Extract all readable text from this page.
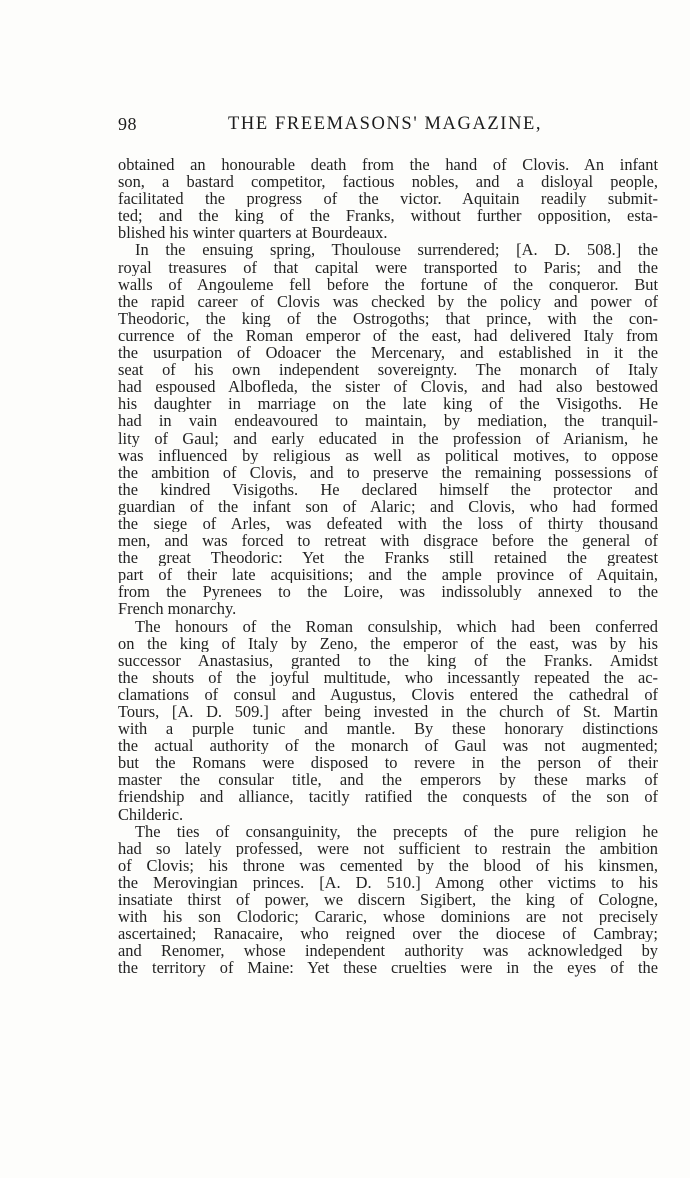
98	THE FREEMASONS' MAGAZINE,
obtained an honourable death from the hand of Clovis. An infant
son, a bastard competitor, factious nobles, and a disloyal people,
facilitated the progress of the victor. Aquitain readily submit-
ted; and the king of the Franks, without further opposition, esta-
blished his winter quarters at Bourdeaux.
In the ensuing spring, Thoulouse surrendered; [A. D. 508.] the
royal treasures of that capital were transported to Paris; and the
walls of Angouleme fell before the fortune of the conqueror. But
the rapid career of Clovis was checked by the policy and power of
Theodoric, the king of the Ostrogoths; that prince, with the con-
currence of the Roman emperor of the east, had delivered Italy from
the usurpation of Odoacer the Mercenary, and established in it the
seat of his own independent sovereignty. The monarch of Italy
had espoused Albofleda, the sister of Clovis, and had also bestowed
his daughter in marriage on the late king of the Visigoths. He
had in vain endeavoured to maintain, by mediation, the tranquil-
lity of Gaul; and early educated in the profession of Arianism, he
was influenced by religious as well as political motives, to oppose
the ambition of Clovis, and to preserve the remaining possessions of
the kindred Visigoths. He declared himself the protector and
guardian of the infant son of Alaric; and Clovis, who had formed
the siege of Arles, was defeated with the loss of thirty thousand
men, and was forced to retreat with disgrace before the general of
the great Theodoric: Yet the Franks still retained the greatest
part of their late acquisitions; and the ample province of Aquitain,
from the Pyrenees to the Loire, was indissolubly annexed to the
French monarchy.
The honours of the Roman consulship, which had been conferred
on the king of Italy by Zeno, the emperor of the east, was by his
successor Anastasius, granted to the king of the Franks. Amidst
the shouts of the joyful multitude, who incessantly repeated the ac-
clamations of consul and Augustus, Clovis entered the cathedral of
Tours, [A. D. 509.] after being invested in the church of St. Martin
with a purple tunic and mantle. By these honorary distinctions
the actual authority of the monarch of Gaul was not augmented;
but the Romans were disposed to revere in the person of their
master the consular title, and the emperors by these marks of
friendship and alliance, tacitly ratified the conquests of the son of
Childeric.
The ties of consanguinity, the precepts of the pure religion he
had so lately professed, were not sufficient to restrain the ambition
of Clovis; his throne was cemented by the blood of his kinsmen,
the Merovingian princes. [A. D. 510.] Among other victims to his
insatiate thirst of power, we discern Sigibert, the king of Cologne,
with his son Clodoric; Cararic, whose dominions are not precisely
ascertained; Ranacaire, who reigned over the diocese of Cambray;
and Renomer, whose independent authority was acknowledged by
the territory of Maine: Yet these cruelties were in the eyes of the
